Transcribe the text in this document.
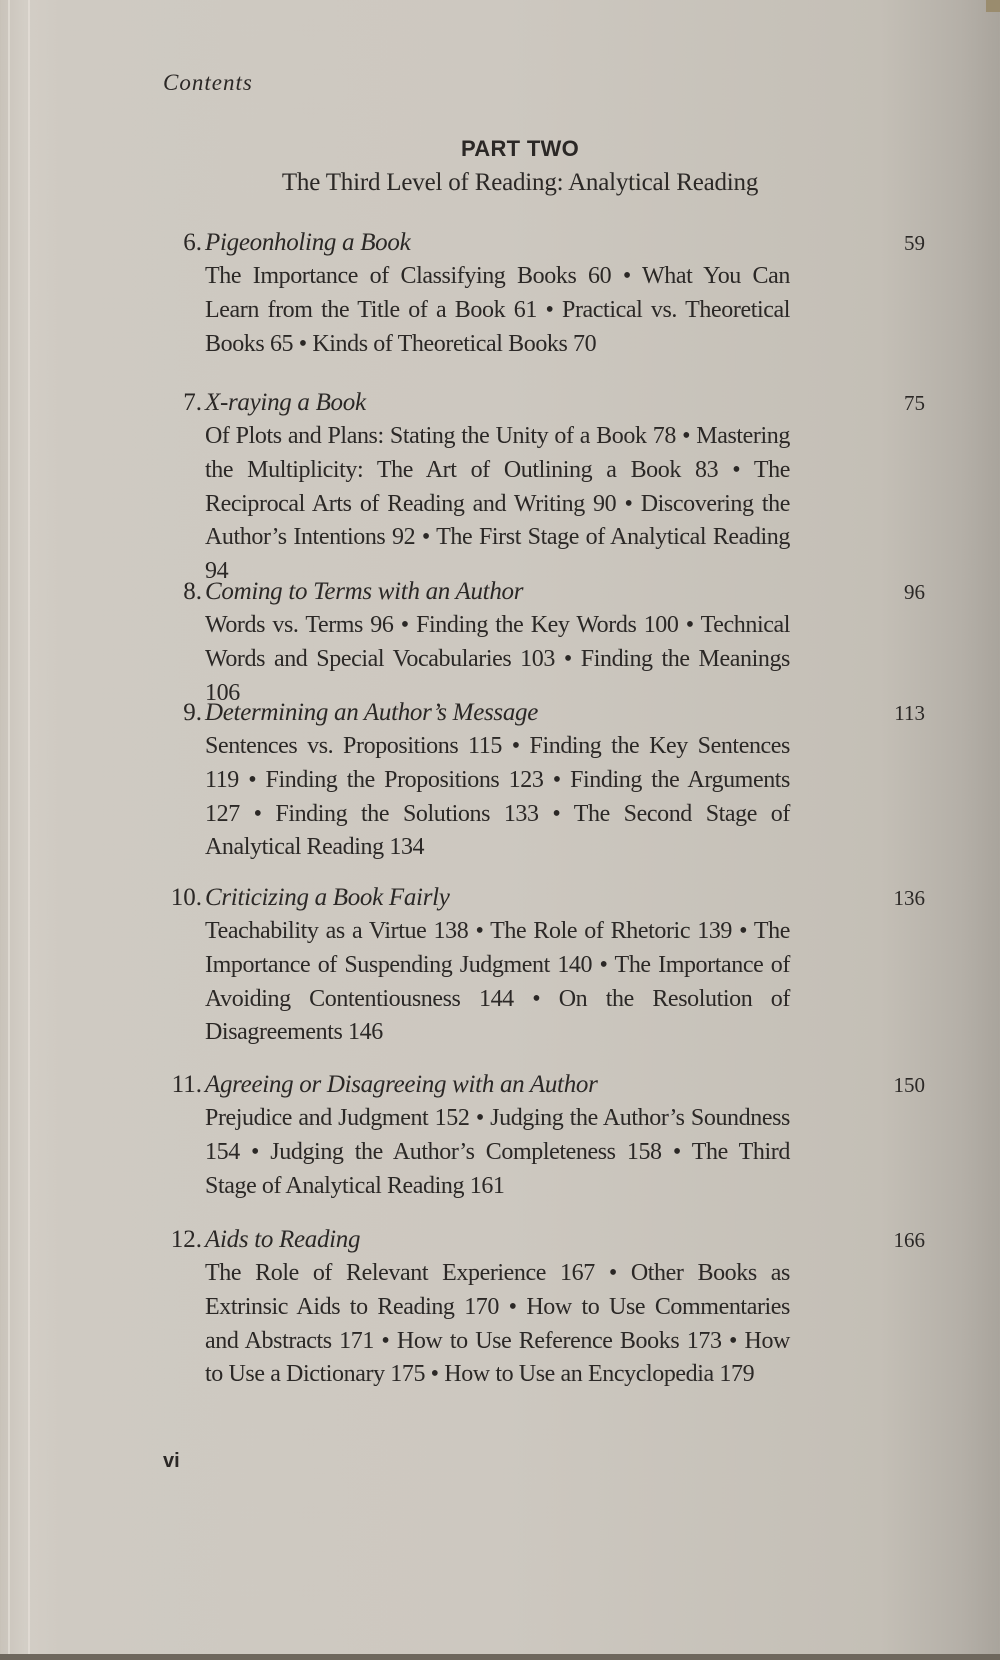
Contents
PART TWO
The Third Level of Reading: Analytical Reading
6. Pigeonholing a Book	59
The Importance of Classifying Books 60 • What You Can Learn from the Title of a Book 61 • Practical vs. Theoretical Books 65 • Kinds of Theoretical Books 70
7. X-raying a Book	75
Of Plots and Plans: Stating the Unity of a Book 78 • Mastering the Multiplicity: The Art of Outlining a Book 83 • The Reciprocal Arts of Reading and Writing 90 • Discovering the Author’s Intentions 92 • The First Stage of Analytical Reading 94
8. Coming to Terms with an Author	96
Words vs. Terms 96 • Finding the Key Words 100 • Technical Words and Special Vocabularies 103 • Finding the Meanings 106
9. Determining an Author’s Message	113
Sentences vs. Propositions 115 • Finding the Key Sentences 119 • Finding the Propositions 123 • Finding the Arguments 127 • Finding the Solutions 133 • The Second Stage of Analytical Reading 134
10. Criticizing a Book Fairly	136
Teachability as a Virtue 138 • The Role of Rhetoric 139 • The Importance of Suspending Judgment 140 • The Importance of Avoiding Contentiousness 144 • On the Resolution of Disagreements 146
11. Agreeing or Disagreeing with an Author	150
Prejudice and Judgment 152 • Judging the Author’s Soundness 154 • Judging the Author’s Completeness 158 • The Third Stage of Analytical Reading 161
12. Aids to Reading	166
The Role of Relevant Experience 167 • Other Books as Extrinsic Aids to Reading 170 • How to Use Commentaries and Abstracts 171 • How to Use Reference Books 173 • How to Use a Dictionary 175 • How to Use an Encyclopedia 179
vi
